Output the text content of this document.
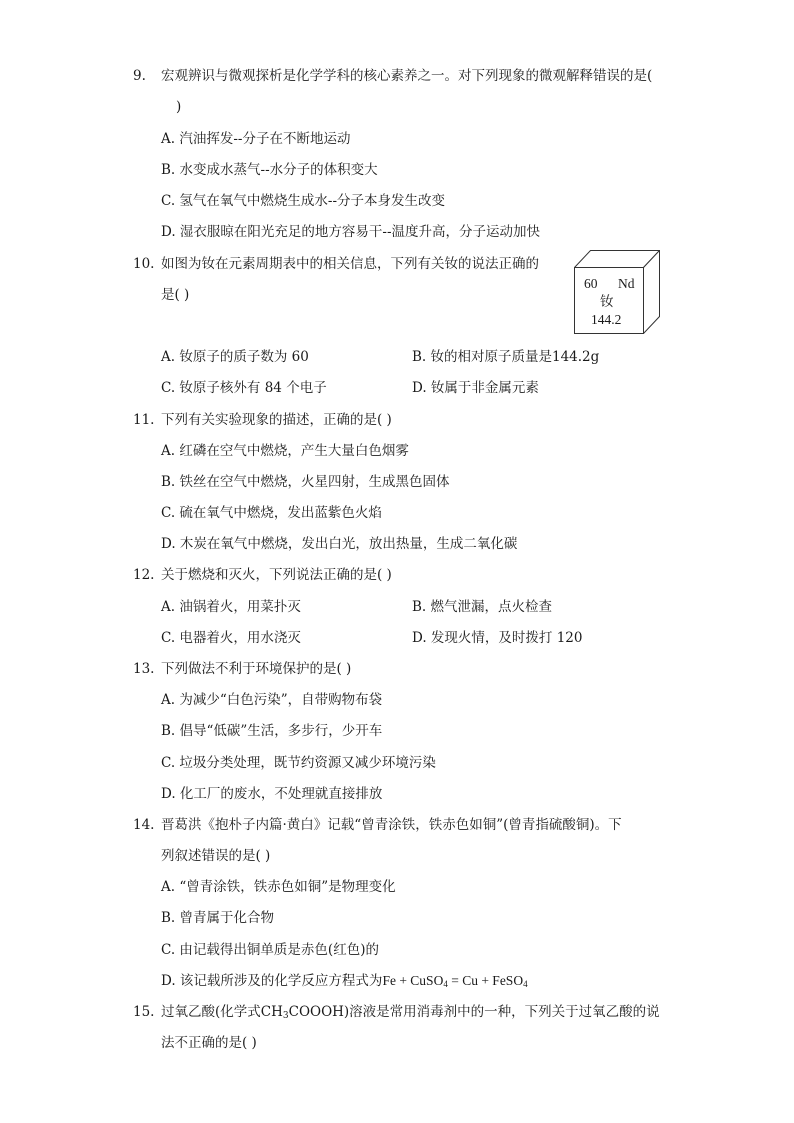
9. 宏观辨识与微观探析是化学学科的核心素养之一。对下列现象的微观解释错误的是(
)
A. 汽油挥发--分子在不断地运动
B. 水变成水蒸气--水分子的体积变大
C. 氢气在氧气中燃烧生成水--分子本身发生改变
D. 湿衣服晾在阳光充足的地方容易干--温度升高，分子运动加快
10. 如图为钕在元素周期表中的相关信息，下列有关钕的说法正确的
是( )
60 Nd
钕
144.2
A. 钕原子的质子数为 60	B. 钕的相对原子质量是144.2g
C. 钕原子核外有 84 个电子	D. 钕属于非金属元素
11. 下列有关实验现象的描述，正确的是( )
A. 红磷在空气中燃烧，产生大量白色烟雾
B. 铁丝在空气中燃烧，火星四射，生成黑色固体
C. 硫在氧气中燃烧，发出蓝紫色火焰
D. 木炭在氧气中燃烧，发出白光，放出热量，生成二氧化碳
12. 关于燃烧和灭火，下列说法正确的是( )
A. 油锅着火，用菜扑灭	B. 燃气泄漏，点火检查
C. 电器着火，用水浇灭	D. 发现火情，及时拨打 120
13. 下列做法不利于环境保护的是( )
A. 为减少“白色污染”，自带购物布袋
B. 倡导“低碳”生活，多步行，少开车
C. 垃圾分类处理，既节约资源又减少环境污染
D. 化工厂的废水，不处理就直接排放
14. 晋葛洪《抱朴子内篇·黄白》记载“曾青涂铁，铁赤色如铜”(曾青指硫酸铜)。下
列叙述错误的是( )
A. “曾青涂铁，铁赤色如铜”是物理变化
B. 曾青属于化合物
C. 由记载得出铜单质是赤色(红色)的
D. 该记载所涉及的化学反应方程式为Fe + CuSO$_4$ = Cu + FeSO$_4$
15. 过氧乙酸(化学式$CH_3COOOH$)溶液是常用消毒剂中的一种，下列关于过氧乙酸的说
法不正确的是( )
